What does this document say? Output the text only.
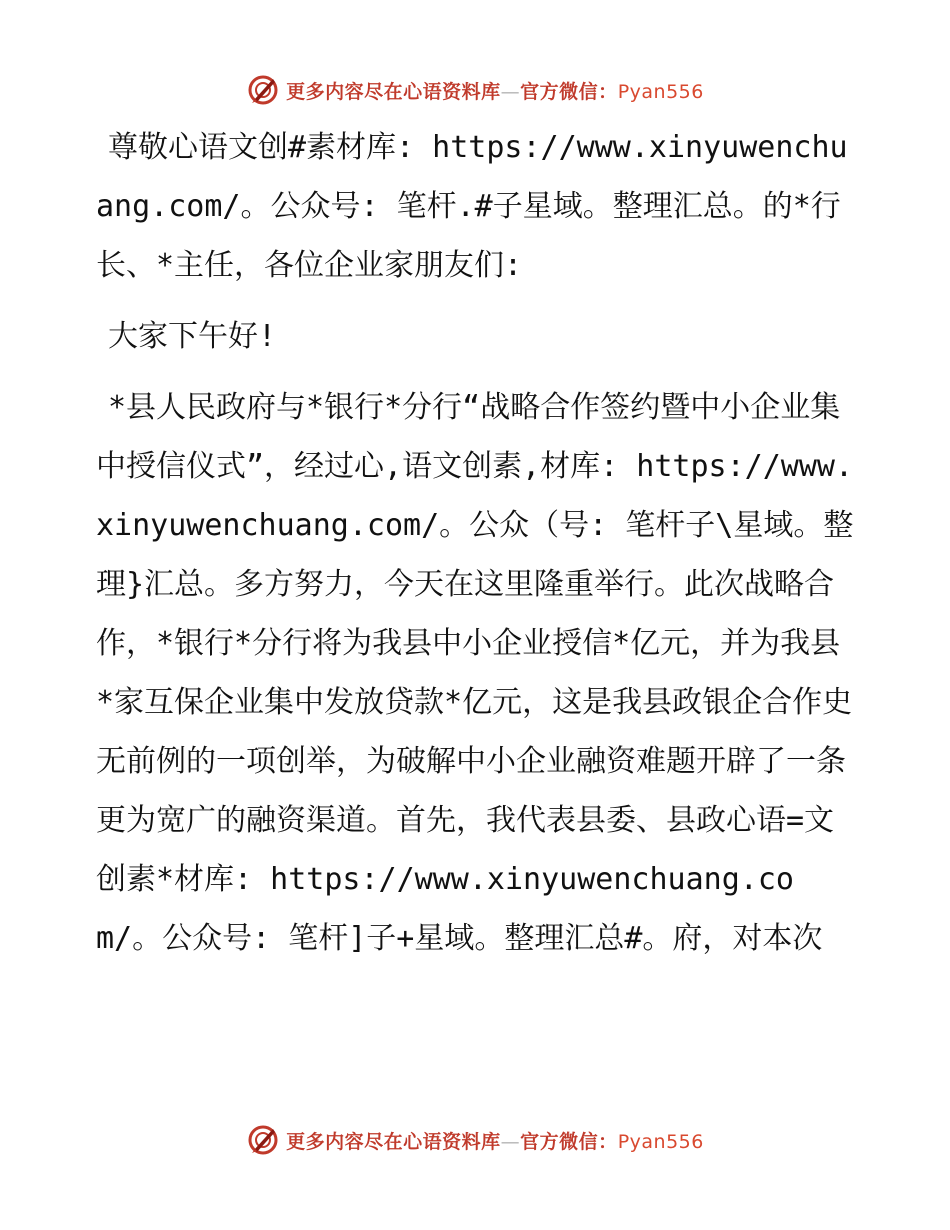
更多内容尽在心语资料库—官方微信：Pyan556

尊敬心语文创#素材库: https://www.xinyuwenchuang.com/。公众号: 笔杆.#子星域。整理汇总。的*行长、*主任，各位企业家朋友们:

大家下午好!

*县人民政府与*银行*分行“战略合作签约暨中小企业集中授信仪式”，经过心,语文创素,材库: https://www.xinyuwenchuang.com/。公众（号: 笔杆子\星域。整理}汇总。多方努力，今天在这里隆重举行。此次战略合作，*银行*分行将为我县中小企业授信*亿元，并为我县*家互保企业集中发放贷款*亿元，这是我县政银企合作史无前例的一项创举，为破解中小企业融资难题开辟了一条更为宽广的融资渠道。首先，我代表县委、县政心语=文创素*材库: https://www.xinyuwenchuang.com/。公众号: 笔杆]子+星域。整理汇总#。府，对本次

更多内容尽在心语资料库—官方微信：Pyan556
